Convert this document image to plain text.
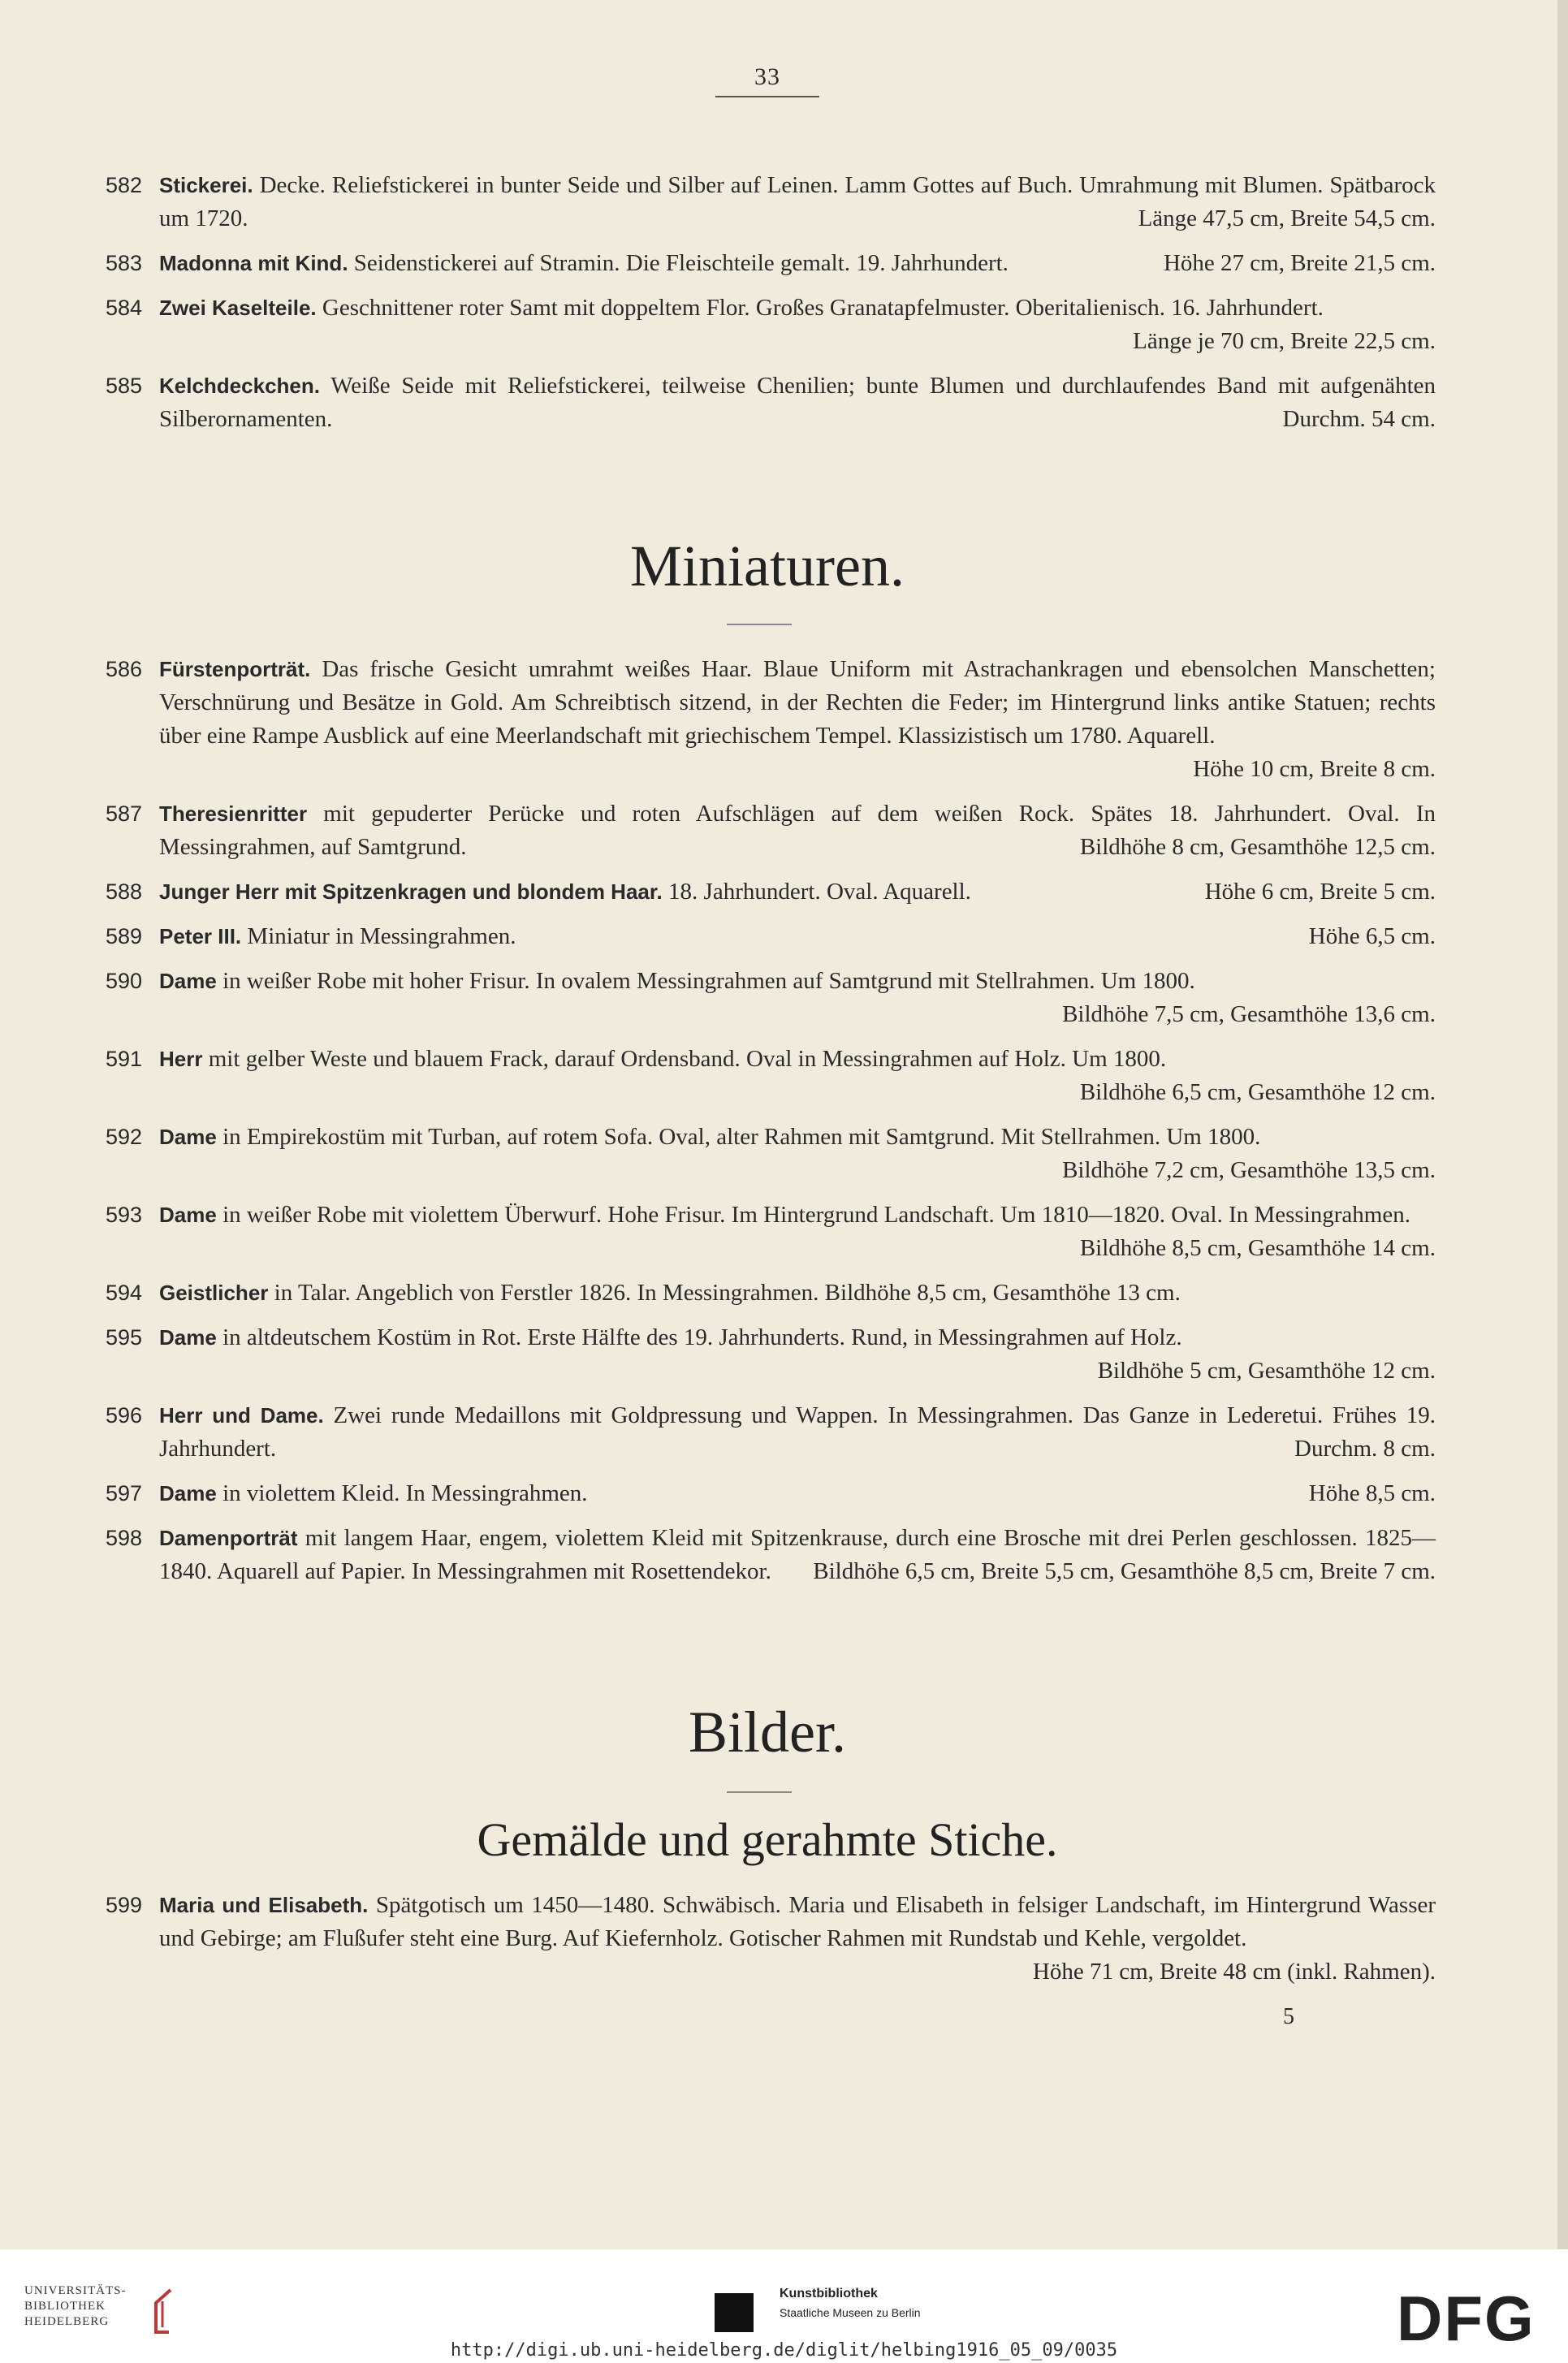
33
582 Stickerei. Decke. Reliefstickerei in bunter Seide und Silber auf Leinen. Lamm Gottes auf Buch. Umrahmung mit Blumen. Spätbarock um 1720.	Länge 47,5 cm, Breite 54,5 cm.
583 Madonna mit Kind. Seidenstickerei auf Stramin. Die Fleischteile gemalt. 19. Jahrhundert.	Höhe 27 cm, Breite 21,5 cm.
584 Zwei Kaselteile. Geschnittener roter Samt mit doppeltem Flor. Großes Granatapfelmuster. Oberitalienisch. 16. Jahrhundert.
Länge je 70 cm, Breite 22,5 cm.
585 Kelchdeckchen. Weiße Seide mit Reliefstickerei, teilweise Chenilien; bunte Blumen und durchlaufendes Band mit aufgenähten Silberornamenten.	Durchm. 54 cm.
Miniaturen.
586 Fürstenporträt. Das frische Gesicht umrahmt weißes Haar. Blaue Uniform mit Astrachankragen und ebensolchen Manschetten; Verschnürung und Besätze in Gold. Am Schreibtisch sitzend, in der Rechten die Feder; im Hintergrund links antike Statuen; rechts über eine Rampe Ausblick auf eine Meerlandschaft mit griechischem Tempel. Klassizistisch um 1780. Aquarell.
Höhe 10 cm, Breite 8 cm.
587 Theresienritter mit gepuderter Perücke und roten Aufschlägen auf dem weißen Rock. Spätes 18. Jahrhundert. Oval. In Messingrahmen, auf Samtgrund.	Bildhöhe 8 cm, Gesamthöhe 12,5 cm.
588 Junger Herr mit Spitzenkragen und blondem Haar. 18. Jahrhundert. Oval. Aquarell.	Höhe 6 cm, Breite 5 cm.
589 Peter III. Miniatur in Messingrahmen.	Höhe 6,5 cm.
590 Dame in weißer Robe mit hoher Frisur. In ovalem Messingrahmen auf Samtgrund mit Stellrahmen. Um 1800.
Bildhöhe 7,5 cm, Gesamthöhe 13,6 cm.
591 Herr mit gelber Weste und blauem Frack, darauf Ordensband. Oval in Messingrahmen auf Holz. Um 1800.
Bildhöhe 6,5 cm, Gesamthöhe 12 cm.
592 Dame in Empirekostüm mit Turban, auf rotem Sofa. Oval, alter Rahmen mit Samtgrund. Mit Stellrahmen. Um 1800.
Bildhöhe 7,2 cm, Gesamthöhe 13,5 cm.
593 Dame in weißer Robe mit violettem Überwurf. Hohe Frisur. Im Hintergrund Landschaft. Um 1810—1820. Oval. In Messingrahmen.
Bildhöhe 8,5 cm, Gesamthöhe 14 cm.
594 Geistlicher in Talar. Angeblich von Ferstler 1826. In Messingrahmen. Bildhöhe 8,5 cm, Gesamthöhe 13 cm.
595 Dame in altdeutschem Kostüm in Rot. Erste Hälfte des 19. Jahrhunderts. Rund, in Messingrahmen auf Holz.
Bildhöhe 5 cm, Gesamthöhe 12 cm.
596 Herr und Dame. Zwei runde Medaillons mit Goldpressung und Wappen. In Messingrahmen. Das Ganze in Lederetui. Frühes 19. Jahrhundert.	Durchm. 8 cm.
597 Dame in violettem Kleid. In Messingrahmen.	Höhe 8,5 cm.
598 Damenporträt mit langem Haar, engem, violettem Kleid mit Spitzenkrause, durch eine Brosche mit drei Perlen geschlossen. 1825—1840. Aquarell auf Papier. In Messingrahmen mit Rosettendekor. Bildhöhe 6,5 cm, Breite 5,5 cm, Gesamthöhe 8,5 cm, Breite 7 cm.
Bilder.
Gemälde und gerahmte Stiche.
599 Maria und Elisabeth. Spätgotisch um 1450—1480. Schwäbisch. Maria und Elisabeth in felsiger Landschaft, im Hintergrund Wasser und Gebirge; am Flußufer steht eine Burg. Auf Kiefernholz. Gotischer Rahmen mit Rundstab und Kehle, vergoldet.
Höhe 71 cm, Breite 48 cm (inkl. Rahmen).
5
UNIVERSITÄTS-
BIBLIOTHEK
HEIDELBERG
Kunstbibliothek
Staatliche Museen zu Berlin	DFG
http://digi.ub.uni-heidelberg.de/diglit/helbing1916_05_09/0035
